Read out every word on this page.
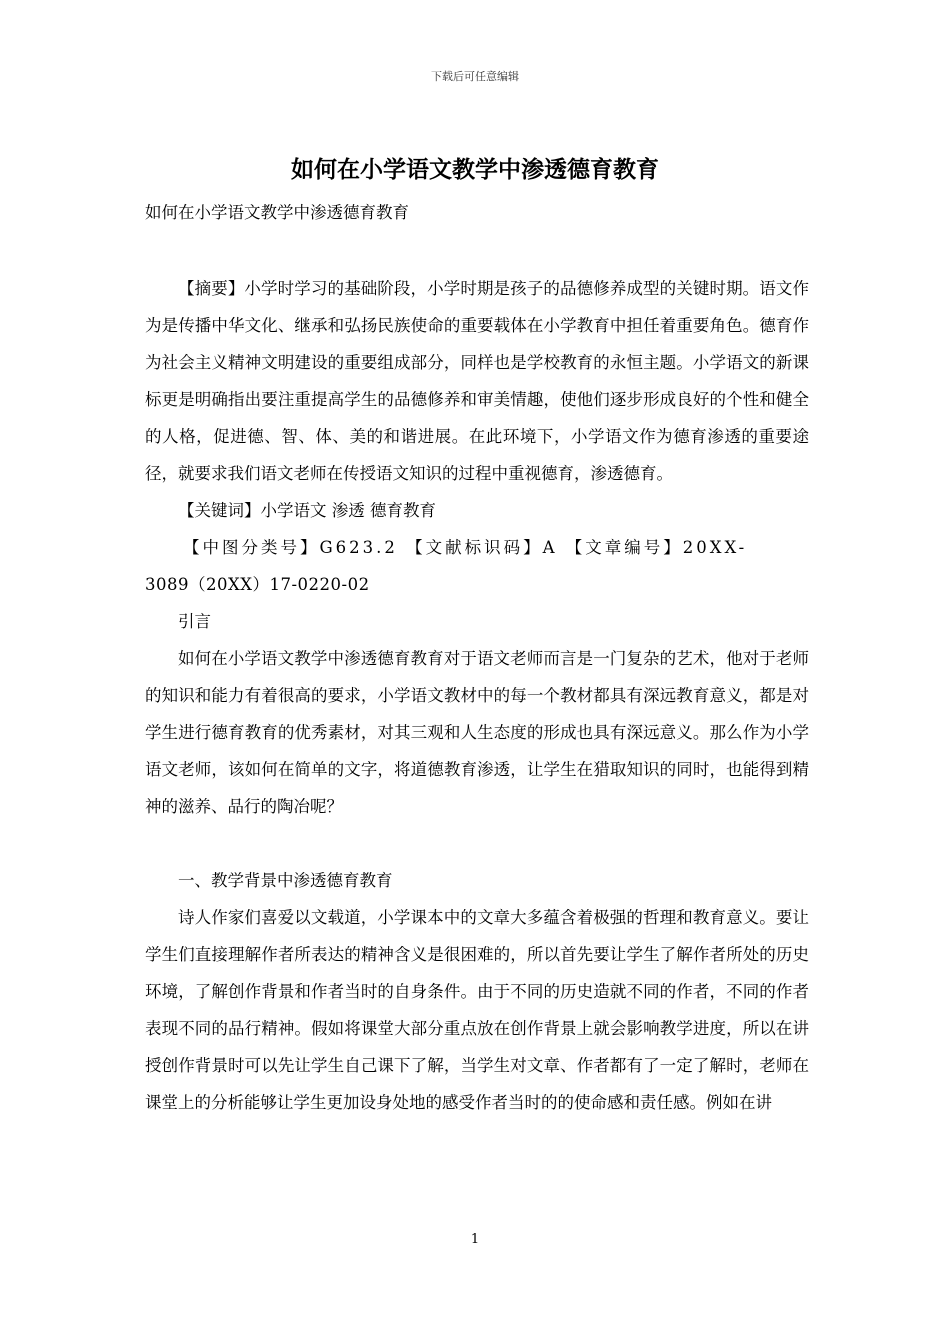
下载后可任意编辑
如何在小学语文教学中渗透德育教育
如何在小学语文教学中渗透德育教育

【摘要】小学时学习的基础阶段，小学时期是孩子的品德修养成型的关键时期。语文作为是传播中华文化、继承和弘扬民族使命的重要载体在小学教育中担任着重要角色。德育作为社会主义精神文明建设的重要组成部分，同样也是学校教育的永恒主题。小学语文的新课标更是明确指出要注重提高学生的品德修养和审美情趣，使他们逐步形成良好的个性和健全的人格，促进德、智、体、美的和谐进展。在此环境下，小学语文作为德育渗透的重要途径，就要求我们语文老师在传授语文知识的过程中重视德育，渗透德育。

【关键词】小学语文 渗透 德育教育

【中图分类号】G623.2 【文献标识码】A 【文章编号】20XX-

3089（20XX）17-0220-02

引言

如何在小学语文教学中渗透德育教育对于语文老师而言是一门复杂的艺术，他对于老师的知识和能力有着很高的要求，小学语文教材中的每一个教材都具有深远教育意义，都是对学生进行德育教育的优秀素材，对其三观和人生态度的形成也具有深远意义。那么作为小学语文老师，该如何在简单的文字，将道德教育渗透，让学生在猎取知识的同时，也能得到精神的滋养、品行的陶冶呢？

一、教学背景中渗透德育教育

诗人作家们喜爱以文载道，小学课本中的文章大多蕴含着极强的哲理和教育意义。要让学生们直接理解作者所表达的精神含义是很困难的，所以首先要让学生了解作者所处的历史环境，了解创作背景和作者当时的自身条件。由于不同的历史造就不同的作者，不同的作者表现不同的品行精神。假如将课堂大部分重点放在创作背景上就会影响教学进度，所以在讲授创作背景时可以先让学生自己课下了解，当学生对文章、作者都有了一定了解时，老师在课堂上的分析能够让学生更加设身处地的感受作者当时的的使命感和责任感。例如在讲

1
